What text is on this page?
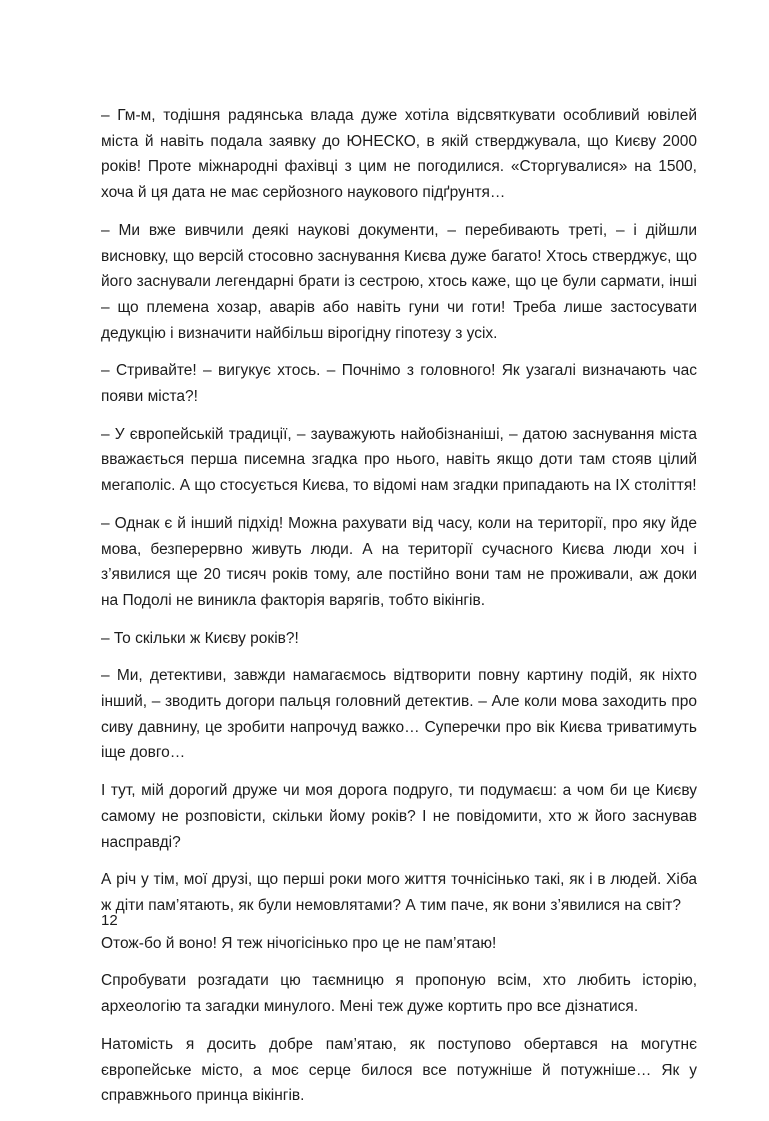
– Гм-м, тодішня радянська влада дуже хотіла відсвяткувати особливий ювілей міста й навіть подала заявку до ЮНЕСКО, в якій стверджувала, що Києву 2000 років! Проте міжнародні фахівці з цим не погодилися. «Сторгувалися» на 1500, хоча й ця дата не має серйозного наукового підґрунтя…

– Ми вже вивчили деякі наукові документи, – перебивають треті, – і дійшли висновку, що версій стосовно заснування Києва дуже багато! Хтось стверджує, що його заснували легендарні брати із сестрою, хтось каже, що це були сармати, інші – що племена хозар, аварів або навіть гуни чи готи! Треба лише застосувати дедукцію і визначити найбільш вірогідну гіпотезу з усіх.

– Стривайте! – вигукує хтось. – Почнімо з головного! Як узагалі визначають час появи міста?!

– У європейській традиції, – зауважують найобізнаніші, – датою заснування міста вважається перша писемна згадка про нього, навіть якщо доти там стояв цілий мегаполіс. А що стосується Києва, то відомі нам згадки припадають на IX століття!

– Однак є й інший підхід! Можна рахувати від часу, коли на території, про яку йде мова, безперервно живуть люди. А на території сучасного Києва люди хоч і з’явилися ще 20 тисяч років тому, але постійно вони там не проживали, аж доки на Подолі не виникла факторія варягів, тобто вікінгів.

– То скільки ж Києву років?!

– Ми, детективи, завжди намагаємось відтворити повну картину подій, як ніхто інший, – зводить догори пальця головний детектив. – Але коли мова заходить про сиву давнину, це зробити напрочуд важко… Суперечки про вік Києва триватимуть іще довго…

І тут, мій дорогий друже чи моя дорога подруго, ти подумаєш: а чом би це Києву самому не розповісти, скільки йому років? І не повідомити, хто ж його заснував насправді?

А річ у тім, мої друзі, що перші роки мого життя точнісінько такі, як і в людей. Хіба ж діти пам’ятають, як були немовлятами? А тим паче, як вони з’явилися на світ?

Отож-бо й воно! Я теж нічогісінько про це не пам’ятаю!

Спробувати розгадати цю таємницю я пропоную всім, хто любить історію, археологію та загадки минулого. Мені теж дуже кортить про все дізнатися.

Натомість я досить добре пам’ятаю, як поступово обертався на могутнє європейське місто, а моє серце билося все потужніше й потужніше… Як у справжнього принца вікінгів.

12
